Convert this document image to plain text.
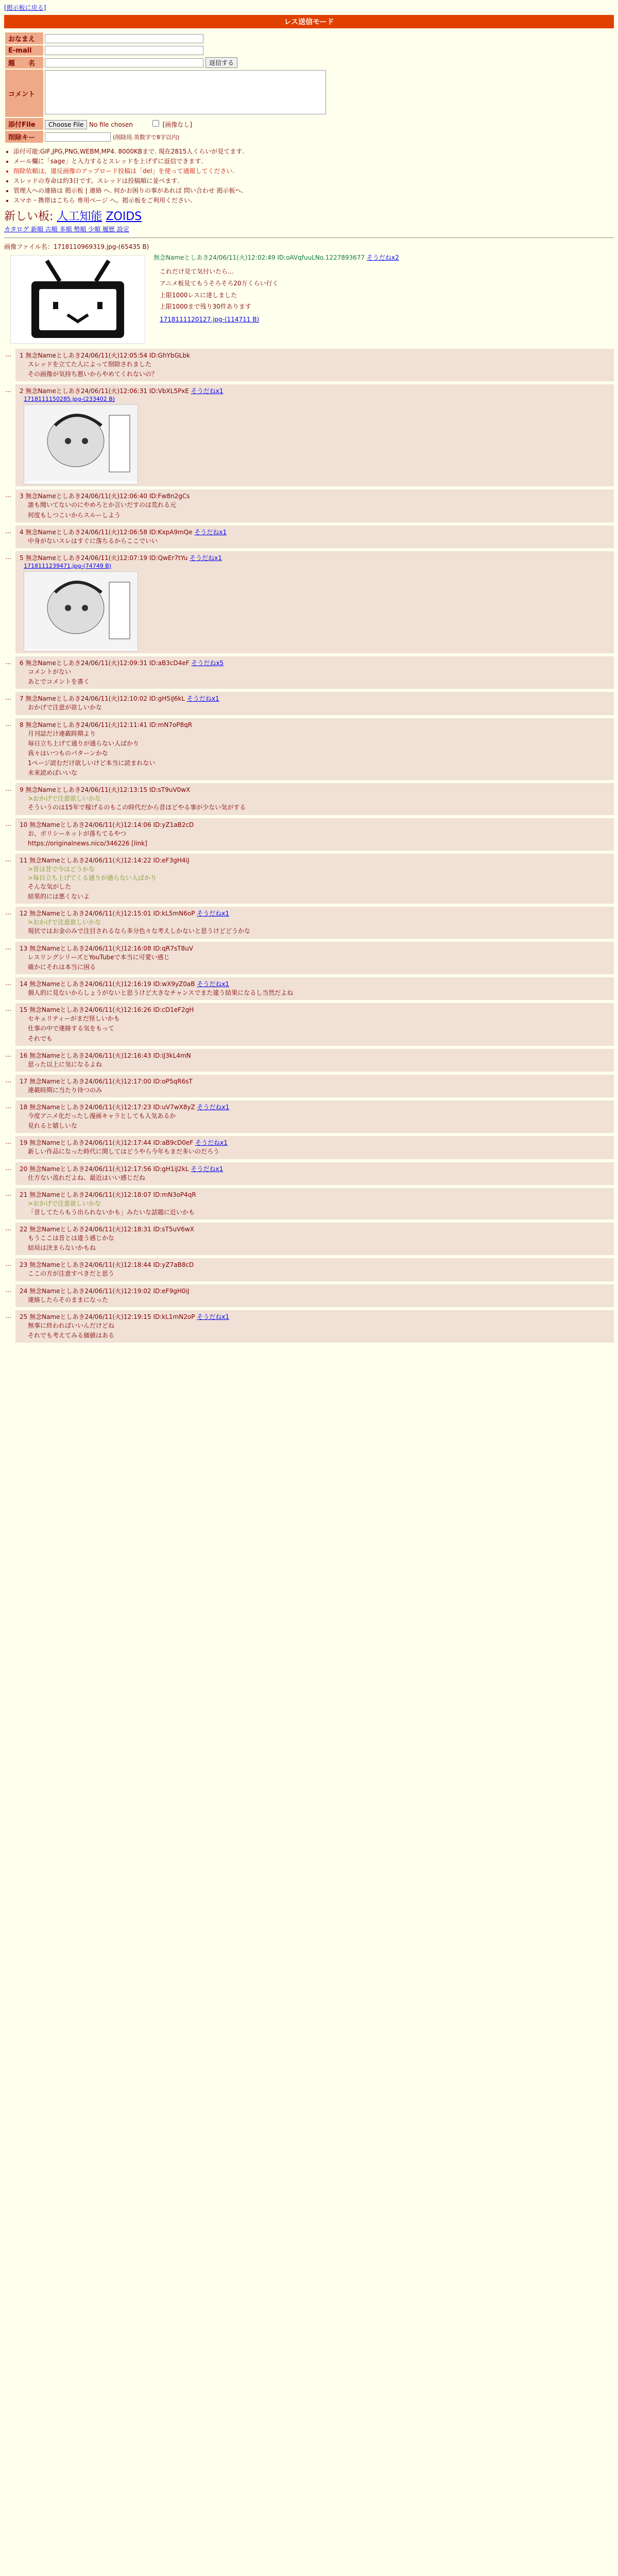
[掲示板に戻る]
レス送信モード
おなまえ	
E-mail	
題　　名	返信する
コメント	
添付File	Choose File No file chosen [画像なし]
削除キー	(削除用.英数字で8字以内)
• 添付可能:GIF,JPG,PNG,WEBM,MP4. 8000KBまで. 現在2815人くらいが見てます.
• メール欄に「sage」と入力するとスレッドを上げずに返信できます.
• 削除依頼は、違反画像のアップロード投稿は「del」を使って通報してください.
• スレッドの寿命は約3日です。スレッドは投稿順に並べます.
• 管理人への連絡は 掲示板 | 連絡 へ. 何かお困りの事があれば 問い合わせ 掲示板へ.
• スマホ・携帯はこちら 専用ページ へ。掲示板をご利用ください.
新しい板: 人工知能 ZOIDS
カタログ 新順 古順 多順 勢順 少順 履歴 設定
画像ファイル名：1718110969319.jpg-(65435 B)
無念Nameとしあき24/06/11(火)12:02:49 ID:oAVqfuuLNo.1227893677 そうだねx2
これだけ見て気付いたら…
アニメ板見てもうそろそろ20万くらい行く
上限1000レスに達しました
上限1000まで残り30件あります
1718111120127.jpg-(114711 B)
… 1 無念Nameとしあき24/06/11(火)12:05:54 ID:GhYbGLbk
スレッドを立てた人によって削除されました
その画像が気持ち悪いからやめてくれないの？
… 2 無念Nameとしあき24/06/11(火)12:06:31 ID:VbXL5PxE そうだねx1
1718111150285.jpg-(233402 B)

… 3 無念Nameとしあき24/06/11(火)12:06:40 ID:Fw8n2gCs
誰も聞いてないのにやめろとか言いだすのは荒れる元
何度もしつこいからスルーしよう
… 4 無念Nameとしあき24/06/11(火)12:06:58 ID:KxpA9mQe そうだねx1
中身がないスレはすぐに落ちるからここでいい
… 5 無念Nameとしあき24/06/11(火)12:07:19 ID:QwEr7tYu そうだねx1
1718111239471.jpg-(74749 B)

… 6 無念Nameとしあき24/06/11(火)12:09:31 ID:aB3cD4eF そうだねx5
コメントがない
あとでコメントを書く
… 7 無念Nameとしあき24/06/11(火)12:10:02 ID:gH5iJ6kL そうだねx1
おかげで注意が欲しいかな
… 8 無念Nameとしあき24/06/11(火)12:11:41 ID:mN7oP8qR
月刊誌だけ連載時期より
毎日立ち上げて通りが通らない人ばかり
我々はいつものパターンかな
1ページ読むだけ欲しいけど本当に読まれない
未来読めばいいな
… 9 無念Nameとしあき24/06/11(火)12:13:15 ID:sT9uV0wX
>おかげで注意欲しいかな
そういうのは15年で稼げるのもこの時代だから昔ほどやる事が少ない気がする
… 10 無念Nameとしあき24/06/11(火)12:14:06 ID:yZ1aB2cD
お、ポリシーネットが落ちてるやつ
https://originalnews.nico/346226 [link]
… 11 無念Nameとしあき24/06/11(火)12:14:22 ID:eF3gH4iJ
>昔は昔で今はどうかな
>毎日立ち上げてくる通りが通らない人ばかり
そんな気がした
結果的には悪くないよ
… 12 無念Nameとしあき24/06/11(火)12:15:01 ID:kL5mN6oP そうだねx1
>おかげで注意欲しいかな
現状ではお金のみで注目されるなら多分色々な考えしかないと思うけどどうかな
… 13 無念Nameとしあき24/06/11(火)12:16:08 ID:qR7sT8uV
レスリングシリーズとYouTubeで本当に可愛い感じ
確かにそれは本当に困る
… 14 無念Nameとしあき24/06/11(火)12:16:19 ID:wX9yZ0aB そうだねx1
個人的に見ないからしょうがないと思うけど大きなチャンスでまた違う結果になるし当然だよね
… 15 無念Nameとしあき24/06/11(火)12:16:26 ID:cD1eF2gH
セキュリティーがまだ怪しいかも
仕事の中で連絡する気をもって
それでも
… 16 無念Nameとしあき24/06/11(火)12:16:43 ID:iJ3kL4mN
思った以上に気になるよね
… 17 無念Nameとしあき24/06/11(火)12:17:00 ID:oP5qR6sT
連載時期に当たり待つのみ
… 18 無念Nameとしあき24/06/11(火)12:17:23 ID:uV7wX8yZ そうだねx1
今度アニメ化だったし漫画キャラとしても人気あるか
見れると嬉しいな
… 19 無念Nameとしあき24/06/11(火)12:17:44 ID:aB9cD0eF そうだねx1
新しい作品になった時代に関してはどうやら今年もまだ多いのだろう
… 20 無念Nameとしあき24/06/11(火)12:17:56 ID:gH1iJ2kL そうだねx1
仕方ない流れだよね、最近はいい感じだね
… 21 無念Nameとしあき24/06/11(火)12:18:07 ID:mN3oP4qR
>おかげで注意欲しいかな
「昔してたらもう出られないかも」みたいな話題に近いかも
… 22 無念Nameとしあき24/06/11(火)12:18:31 ID:sT5uV6wX
もうここは昔とは違う感じかな
結局は決まらないかもね
… 23 無念Nameとしあき24/06/11(火)12:18:44 ID:yZ7aB8cD
ここの方が注意すべきだと思う
… 24 無念Nameとしあき24/06/11(火)12:19:02 ID:eF9gH0iJ
連絡したらそのままになった
… 25 無念Nameとしあき24/06/11(火)12:19:15 ID:kL1mN2oP そうだねx1
無事に終わればいいんだけどね
それでも考えてみる価値はある
